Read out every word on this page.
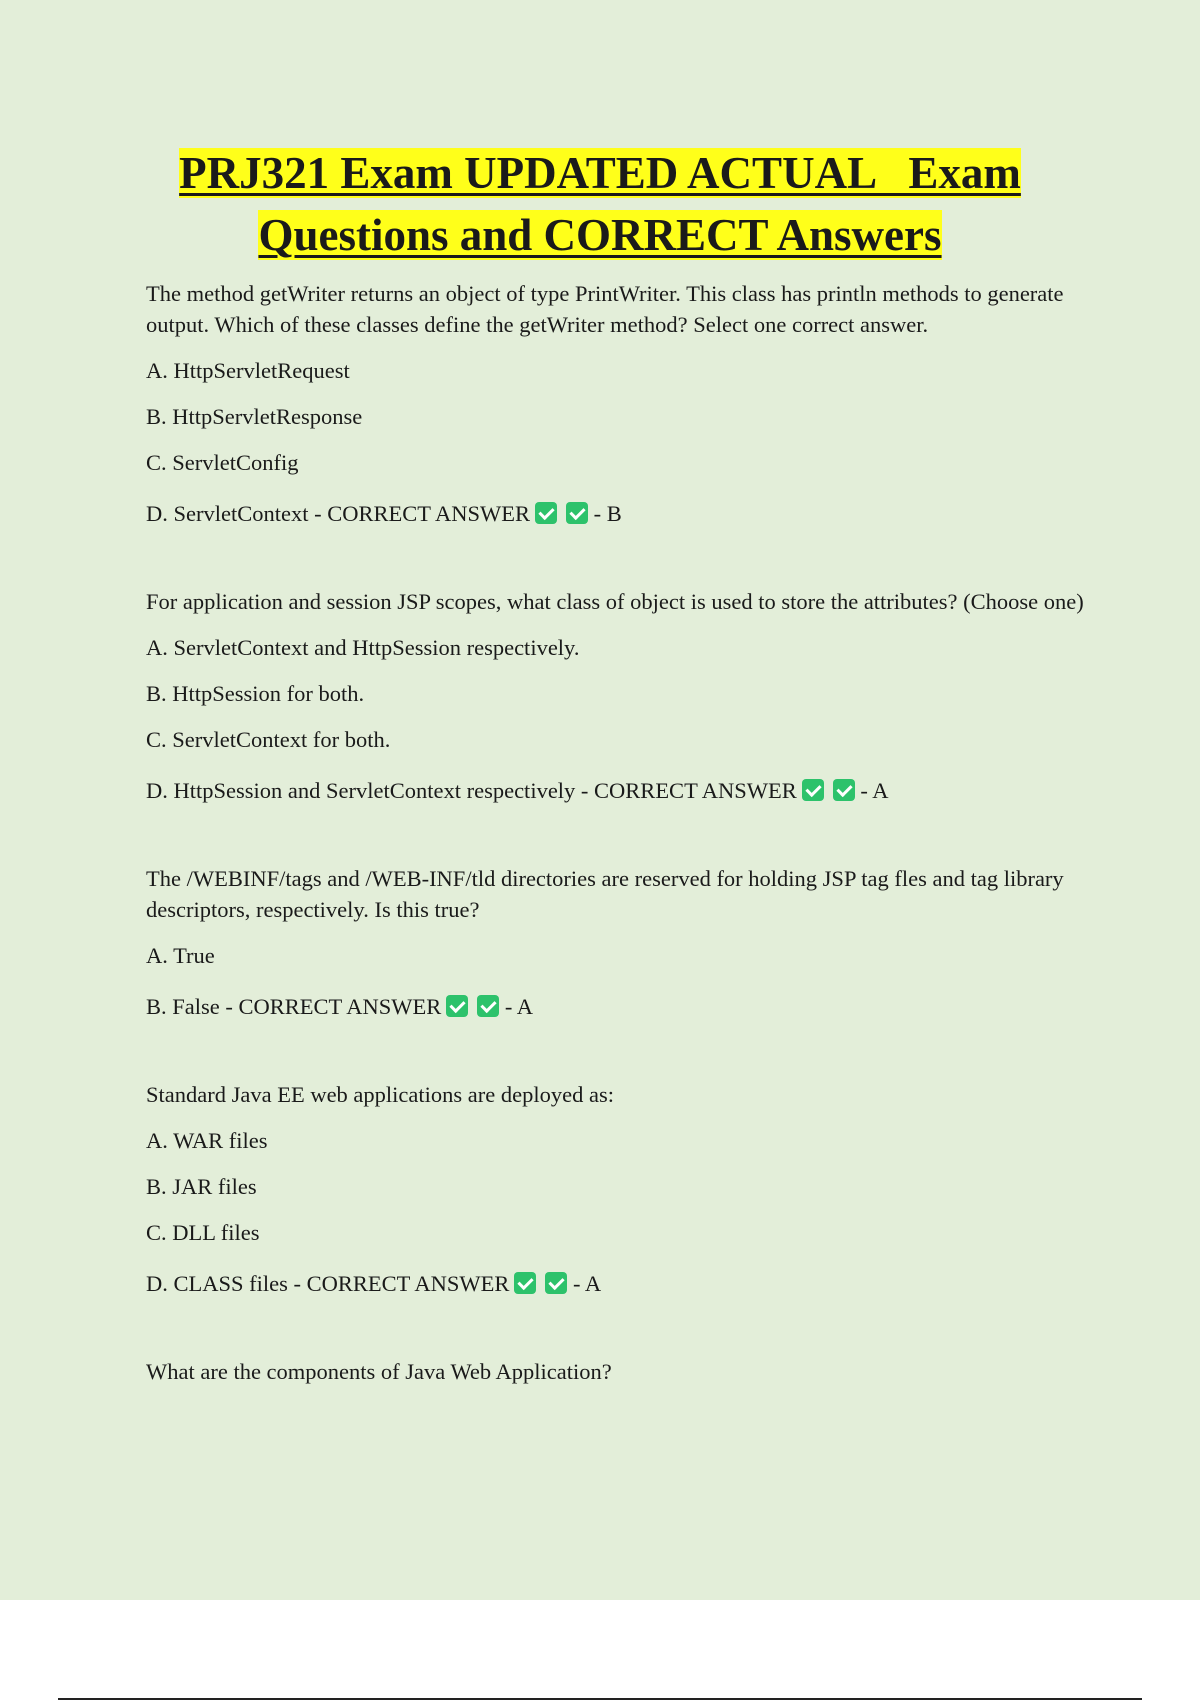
PRJ321 Exam UPDATED ACTUAL   Exam
Questions and CORRECT Answers

The method getWriter returns an object of type PrintWriter. This class has println methods to generate output. Which of these classes define the getWriter method? Select one correct answer.

A. HttpServletRequest

B. HttpServletResponse

C. ServletConfig

D. ServletContext - CORRECT ANSWER	- B

For application and session JSP scopes, what class of object is used to store the attributes? (Choose one)

A. ServletContext and HttpSession respectively.

B. HttpSession for both.

C. ServletContext for both.

D. HttpSession and ServletContext respectively - CORRECT ANSWER	- A

The /WEBINF/tags and /WEB-INF/tld directories are reserved for holding JSP tag fles and tag library descriptors, respectively. Is this true?

A. True

B. False - CORRECT ANSWER	- A

Standard Java EE web applications are deployed as:

A. WAR files

B. JAR files

C. DLL files

D. CLASS files - CORRECT ANSWER	- A

What are the components of Java Web Application?
